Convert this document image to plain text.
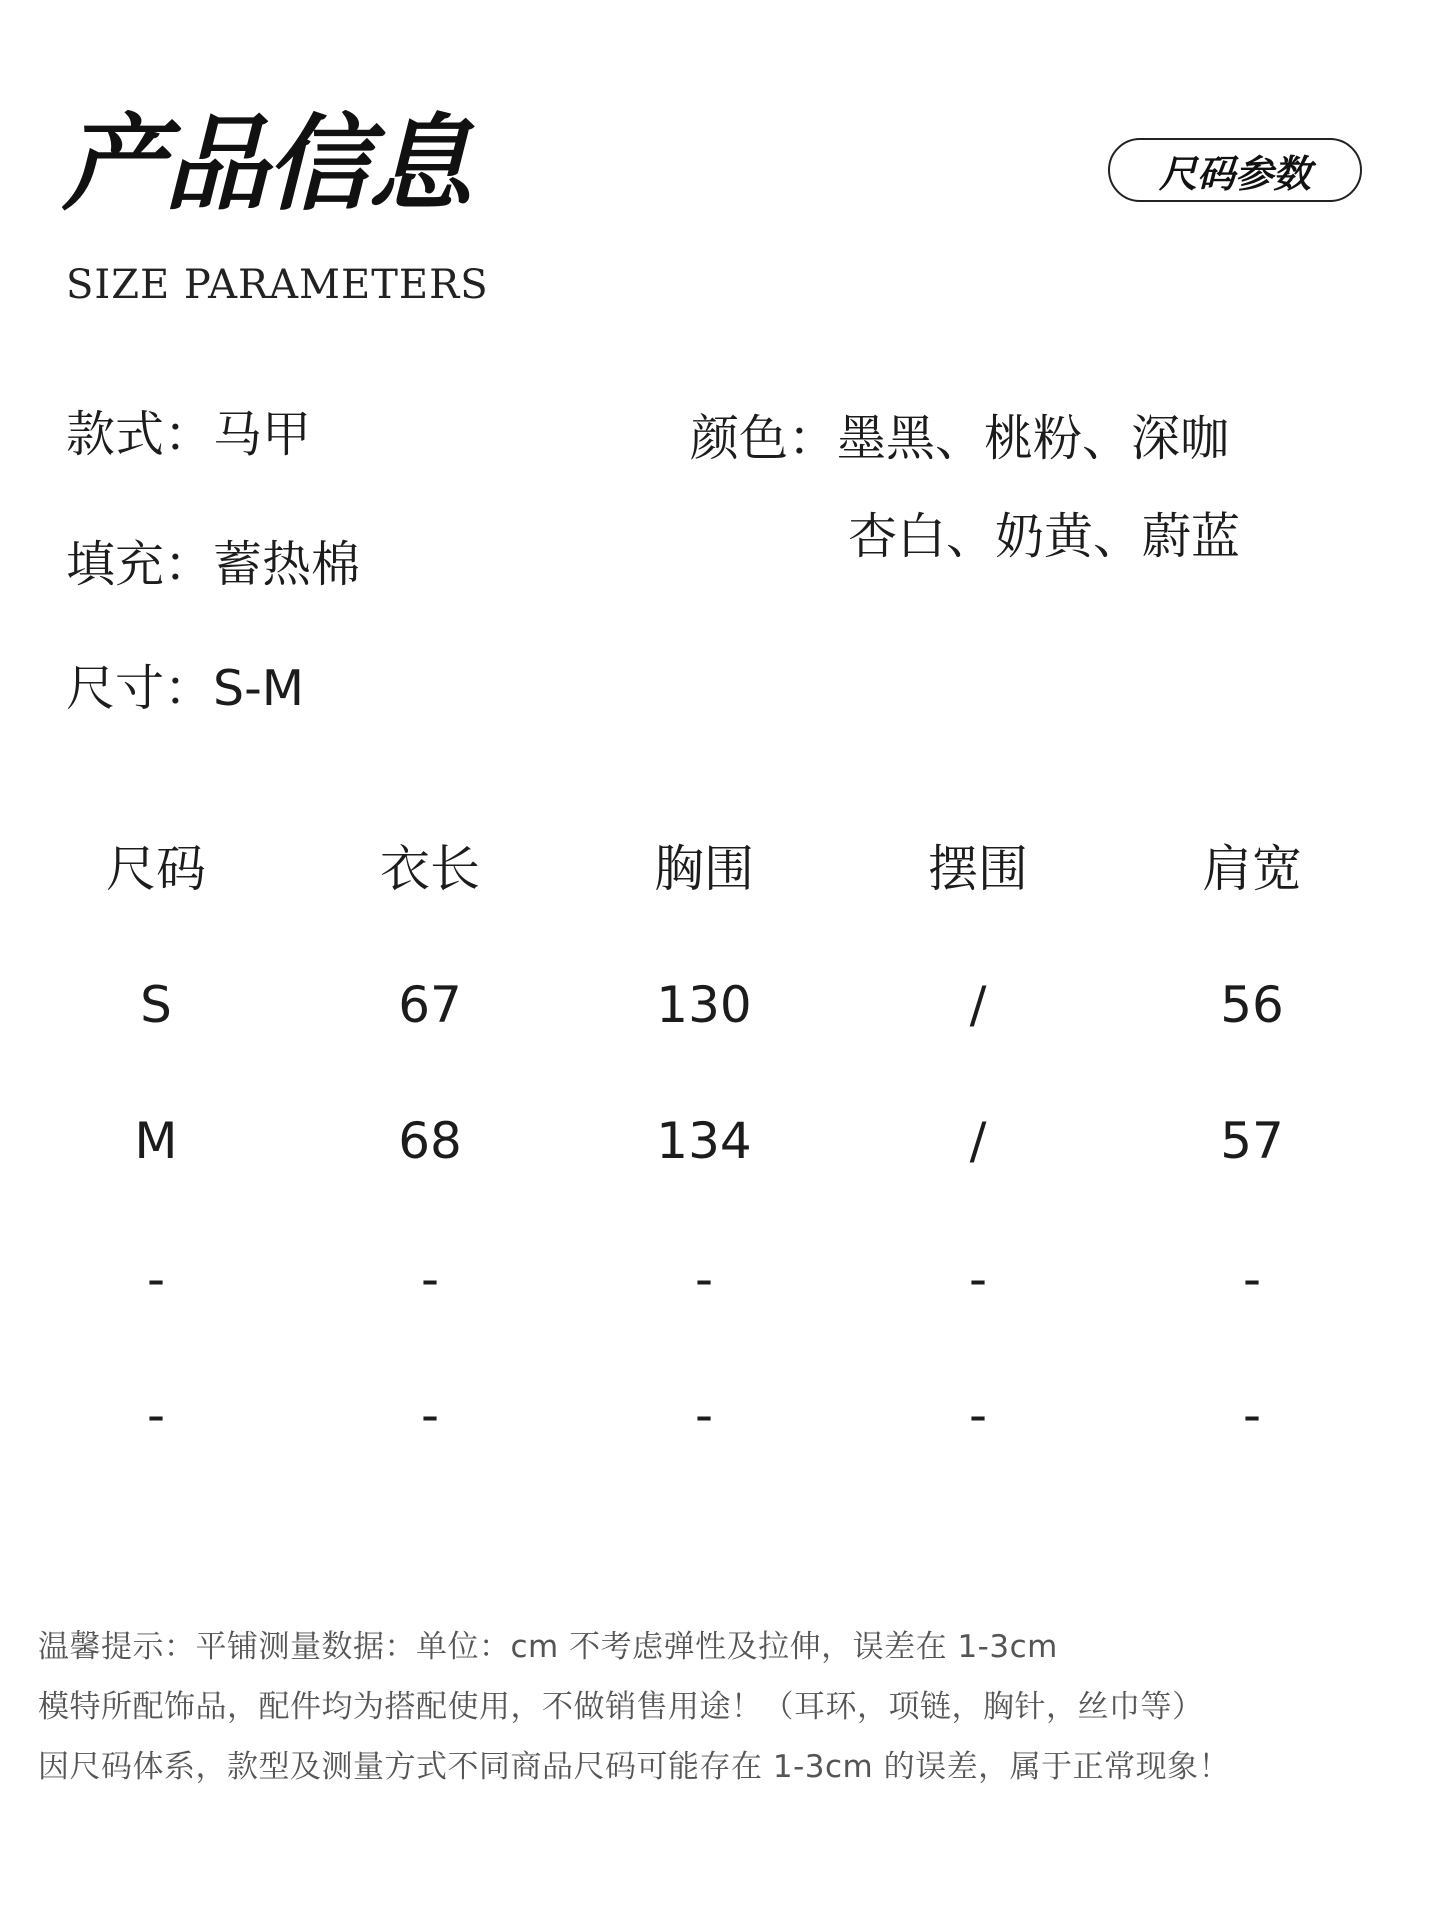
产品信息
SIZE PARAMETERS
尺码参数
款式：马甲
填充：蓄热棉
尺寸：S-M
颜色：墨黑、桃粉、深咖
杏白、奶黄、蔚蓝
尺码	衣长	胸围	摆围	肩宽
S	67	130	/	56
M	68	134	/	57
-	-	-	-	-
-	-	-	-	-
温馨提示：平铺测量数据：单位：cm 不考虑弹性及拉伸，误差在 1-3cm
模特所配饰品，配件均为搭配使用，不做销售用途！（耳环，项链，胸针，丝巾等）
因尺码体系，款型及测量方式不同商品尺码可能存在 1-3cm 的误差，属于正常现象！
